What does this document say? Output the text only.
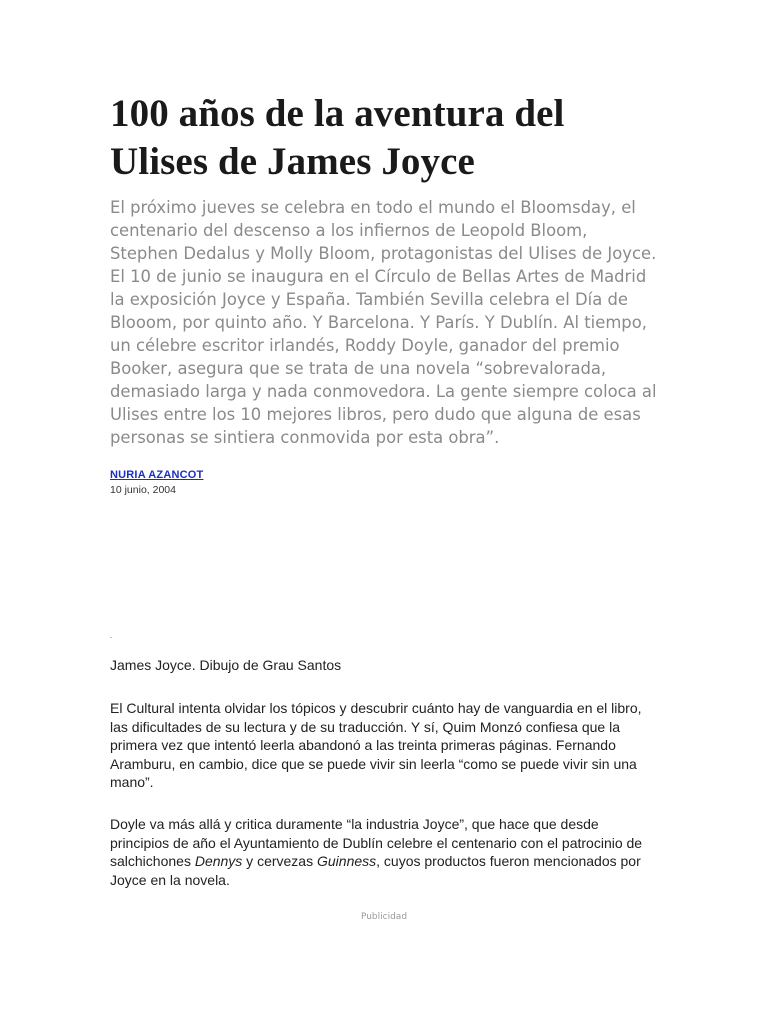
100 años de la aventura del Ulises de James Joyce

El próximo jueves se celebra en todo el mundo el Bloomsday, el centenario del descenso a los infiernos de Leopold Bloom, Stephen Dedalus y Molly Bloom, protagonistas del Ulises de Joyce. El 10 de junio se inaugura en el Círculo de Bellas Artes de Madrid la exposición Joyce y España. También Sevilla celebra el Día de Blooom, por quinto año. Y Barcelona. Y París. Y Dublín. Al tiempo, un célebre escritor irlandés, Roddy Doyle, ganador del premio Booker, asegura que se trata de una novela “sobrevalorada, demasiado larga y nada conmovedora. La gente siempre coloca al Ulises entre los 10 mejores libros, pero dudo que alguna de esas personas se sintiera conmovida por esta obra”.

NURIA AZANCOT
10 junio, 2004
.
James Joyce. Dibujo de Grau Santos

El Cultural intenta olvidar los tópicos y descubrir cuánto hay de vanguardia en el libro, las dificultades de su lectura y de su traducción. Y sí, Quim Monzó confiesa que la primera vez que intentó leerla abandonó a las treinta primeras páginas. Fernando Aramburu, en cambio, dice que se puede vivir sin leerla “como se puede vivir sin una mano”.

Doyle va más allá y critica duramente “la industria Joyce”, que hace que desde principios de año el Ayuntamiento de Dublín celebre el centenario con el patrocinio de salchichones Dennys y cervezas Guinness, cuyos productos fueron mencionados por Joyce en la novela.

Publicidad
